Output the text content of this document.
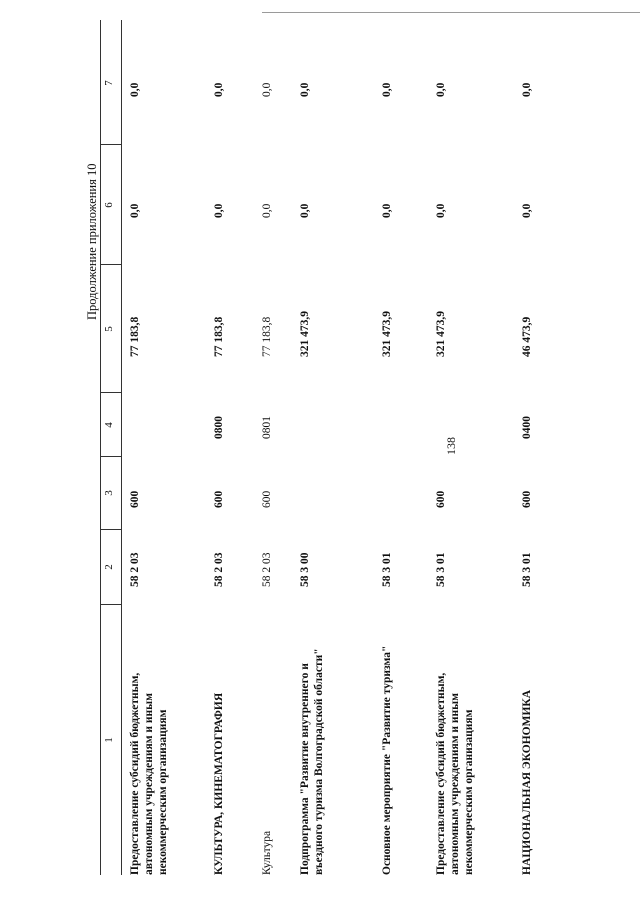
138
Продолжение приложения 10
1
2
3
4
5
6
7
Предоставление субсидий бюджетным, автономным учреждениям и иным некоммерческим организациям
58 2 03
600
77 183,8
0,0
0,0
КУЛЬТУРА, КИНЕМАТОГРАФИЯ
58 2 03
600
0800
77 183,8
0,0
0,0
Культура
58 2 03
600
0801
77 183,8
0,0
0,0
Подпрограмма "Развитие внутреннего и въездного туризма Волгоградской области"
58 3 00
321 473,9
0,0
0,0
Основное мероприятие "Развитие туризма"
58 3 01
321 473,9
0,0
0,0
Предоставление субсидий бюджетным, автономным учреждениям и иным некоммерческим организациям
58 3 01
600
321 473,9
0,0
0,0
НАЦИОНАЛЬНАЯ ЭКОНОМИКА
58 3 01
600
0400
46 473,9
0,0
0,0
